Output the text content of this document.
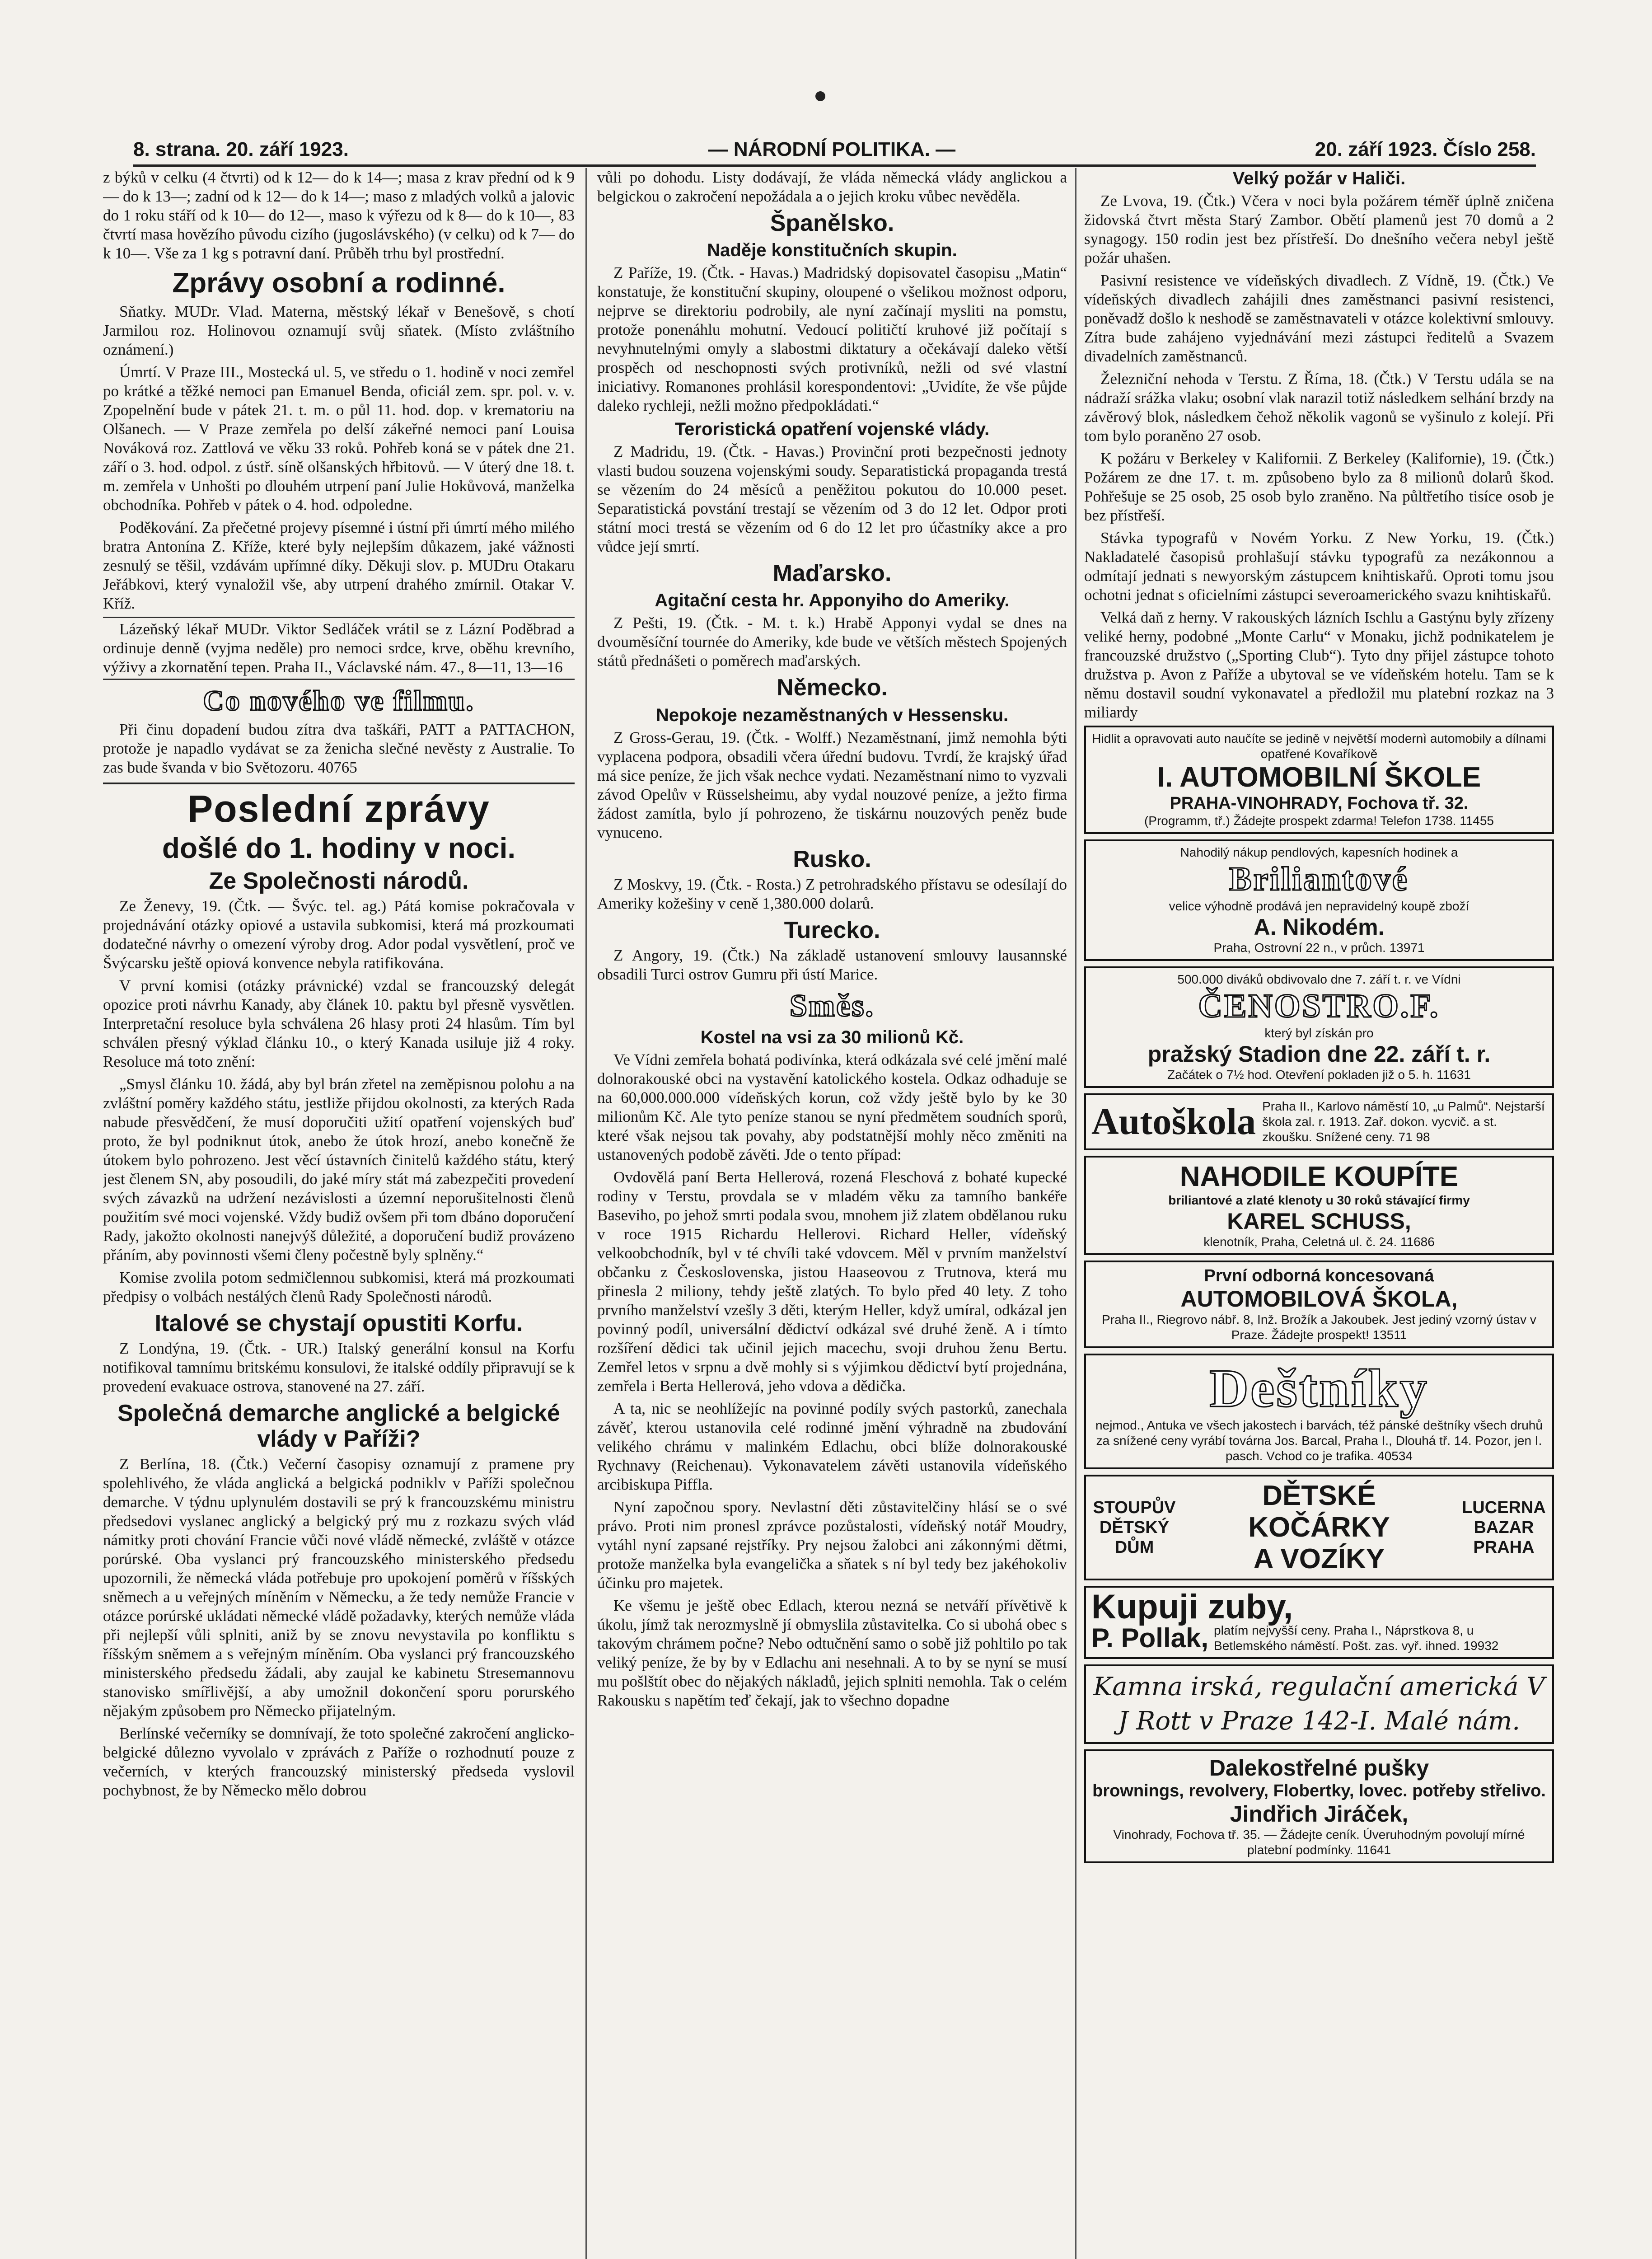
8. strana. 20. září 1923.	— NÁRODNÍ POLITIKA. —	20. září 1923. Číslo 258.

z býků v celku (4 čtvrti) od k 12— do k 14—; masa z krav přední od k 9— do k 13—; zadní od k 12— do k 14—; maso z mladých volků a jalovic do 1 roku stáří od k 10— do 12—, maso k výřezu od k 8— do k 10—, 83 čtvrtí masa hovězího původu cizího (jugoslávského) (v celku) od k 7— do k 10—. Vše za 1 kg s potravní daní. Průběh trhu byl prostřední.

Zprávy osobní a rodinné.

Sňatky. MUDr. Vlad. Materna, městský lékař v Benešově, s chotí Jarmilou roz. Holinovou oznamují svůj sňatek. (Místo zvláštního oznámení.)

Úmrtí. V Praze III., Mostecká ul. 5, ve středu o 1. hodině v noci zemřel po krátké a těžké nemoci pan Emanuel Benda, oficiál zem. spr. pol. v. v. Zpopelnění bude v pátek 21. t. m. o půl 11. hod. dop. v krematoriu na Olšanech. — V Praze zemřela po delší zákeřné nemoci paní Louisa Nováková roz. Zattlová ve věku 33 roků. Pohřeb koná se v pátek dne 21. září o 3. hod. odpol. z ústř. síně olšanských hřbitovů. — V úterý dne 18. t. m. zemřela v Unhošti po dlouhém utrpení paní Julie Hokůvová, manželka obchodníka. Pohřeb v pátek o 4. hod. odpoledne.

Poděkování. Za přečetné projevy písemné i ústní při úmrtí mého milého bratra Antonína Z. Kříže, které byly nejlepším důkazem, jaké vážnosti zesnulý se těšil, vzdávám upřímné díky. Děkuji slov. p. MUDru Otakaru Jeřábkovi, který vynaložil vše, aby utrpení drahého zmírnil. Otakar V. Kříž.

Lázeňský lékař MUDr. Viktor Sedláček vrátil se z Lázní Poděbrad a ordinuje denně (vyjma neděle) pro nemoci srdce, krve, oběhu krevního, výživy a zkornatění tepen. Praha II., Václavské nám. 47., 8—11, 13—16

Co nového ve filmu.

Při činu dopadení budou zítra dva taškáři, PATT a PATTACHON, protože je napadlo vydávat se za ženicha slečné nevěsty z Australie. To zas bude švanda v bio Světozoru. 40765

Poslední zprávy
došlé do 1. hodiny v noci.
Ze Společnosti národů.

Ze Ženevy, 19. (Čtk. — Švýc. tel. ag.) Pátá komise pokračovala v projednávání otázky opiové a ustavila subkomisi, která má prozkoumati dodatečné návrhy o omezení výroby drog. Ador podal vysvětlení, proč ve Švýcarsku ještě opiová konvence nebyla ratifikována.

V první komisi (otázky právnické) vzdal se francouzský delegát opozice proti návrhu Kanady, aby článek 10. paktu byl přesně vysvětlen. Interpretační resoluce byla schválena 26 hlasy proti 24 hlasům. Tím byl schválen přesný výklad článku 10., o který Kanada usiluje již 4 roky. Resoluce má toto znění:

„Smysl článku 10. žádá, aby byl brán zřetel na zeměpisnou polohu a na zvláštní poměry každého státu, jestliže přijdou okolnosti, za kterých Rada nabude přesvědčení, že musí doporučiti užití opatření vojenských buď proto, že byl podniknut útok, anebo že útok hrozí, anebo konečně že útokem bylo pohrozeno. Jest věcí ústavních činitelů každého státu, který jest členem SN, aby posoudili, do jaké míry stát má zabezpečiti provedení svých závazků na udržení nezávislosti a územní neporušitelnosti členů použitím své moci vojenské. Vždy budiž ovšem při tom dbáno doporučení Rady, jakožto okolnosti nanejvýš důležité, a doporučení budiž provázeno přáním, aby povinnosti všemi členy počestně byly splněny.“

Komise zvolila potom sedmičlennou subkomisi, která má prozkoumati předpisy o volbách nestálých členů Rady Společnosti národů.

Italové se chystají opustiti Korfu.

Z Londýna, 19. (Čtk. - UR.) Italský generální konsul na Korfu notifikoval tamnímu britskému konsulovi, že italské oddíly připravují se k provedení evakuace ostrova, stanovené na 27. září.

Společná demarche anglické a belgické vlády v Paříži?

Z Berlína, 18. (Čtk.) Večerní časopisy oznamují z pramene pry spolehlivého, že vláda anglická a belgická podniklv v Paříži společnou demarche. V týdnu uplynulém dostavili se prý k francouzskému ministru předsedovi vyslanec anglický a belgický prý mu z rozkazu svých vlád námitky proti chování Francie vůči nové vládě německé, zvláště v otázce porúrské. Oba vyslanci prý francouzského ministerského předsedu upozornili, že německá vláda potřebuje pro upokojení poměrů v říšských sněmech a u veřejných míněním v Německu, a že tedy nemůže Francie v otázce porúrské ukládati německé vládě požadavky, kterých nemůže vláda při nejlepší vůli splniti, aniž by se znovu nevystavila po konfliktu s říšským sněmem a s veřejným míněním. Oba vyslanci prý francouzského ministerského předsedu žádali, aby zaujal ke kabinetu Stresemannovu stanovisko smířlivější, a aby umožnil dokončení sporu porurského nějakým způsobem pro Německo přijatelným.

Berlínské večerníky se domnívají, že toto společné zakročení anglicko-belgické důlezno vyvolalo v zprávách z Paříže o rozhodnutí pouze z večerních, v kterých francouzský ministerský předseda vyslovil pochybnost, že by Německo mělo dobrou

vůli po dohodu. Listy dodávají, že vláda německá vlády anglickou a belgickou o zakročení nepožádala a o jejich kroku vůbec nevěděla.

Španělsko.
Naděje konstitučních skupin.

Z Paříže, 19. (Čtk. - Havas.) Madridský dopisovatel časopisu „Matin“ konstatuje, že konstituční skupiny, oloupené o všelikou možnost odporu, nejprve se direktoriu podrobily, ale nyní začínají mysliti na pomstu, protože ponenáhlu mohutní. Vedoucí političtí kruhové již počítají s nevyhnutelnými omyly a slabostmi diktatury a očekávají daleko větší prospěch od neschopnosti svých protivníků, nežli od své vlastní iniciativy. Romanones prohlásil korespondentovi: „Uvidíte, že vše půjde daleko rychleji, nežli možno předpokládati.“

Teroristická opatření vojenské vlády.

Z Madridu, 19. (Čtk. - Havas.) Provinční proti bezpečnosti jednoty vlasti budou souzena vojenskými soudy. Separatistická propaganda trestá se vězením do 24 měsíců a peněžitou pokutou do 10.000 peset. Separatistická povstání trestají se vězením od 3 do 12 let. Odpor proti státní moci trestá se vězením od 6 do 12 let pro účastníky akce a pro vůdce její smrtí.

Maďarsko.
Agitační cesta hr. Apponyiho do Ameriky.

Z Pešti, 19. (Čtk. - M. t. k.) Hrabě Apponyi vydal se dnes na dvouměsíční tournée do Ameriky, kde bude ve větších městech Spojených států přednášeti o poměrech maďarských.

Německo.
Nepokoje nezaměstnaných v Hessensku.

Z Gross-Gerau, 19. (Čtk. - Wolff.) Nezaměstnaní, jimž nemohla býti vyplacena podpora, obsadili včera úřední budovu. Tvrdí, že krajský úřad má sice peníze, že jich však nechce vydati. Nezaměstnaní nimo to vyzvali závod Opelův v Rüsselsheimu, aby vydal nouzové peníze, a ježto firma žádost zamítla, bylo jí pohrozeno, že tiskárnu nouzových peněz bude vynuceno.

Rusko.

Z Moskvy, 19. (Čtk. - Rosta.) Z petrohradského přístavu se odesílají do Ameriky kožešiny v ceně 1,380.000 dolarů.

Turecko.

Z Angory, 19. (Čtk.) Na základě ustanovení smlouvy lausannské obsadili Turci ostrov Gumru při ústí Marice.

Směs.
Kostel na vsi za 30 milionů Kč.

Ve Vídni zemřela bohatá podivínka, která odkázala své celé jmění malé dolnorakouské obci na vystavění katolického kostela. Odkaz odhaduje se na 60,000.000.000 vídeňských korun, což vždy ještě bylo by ke 30 milionům Kč. Ale tyto peníze stanou se nyní předmětem soudních sporů, které však nejsou tak povahy, aby podstatnější mohly něco změniti na ustanovených podobě závěti. Jde o tento případ:

Ovdovělá paní Berta Hellerová, rozená Fleschová z bohaté kupecké rodiny v Terstu, provdala se v mladém věku za tamního bankéře Baseviho, po jehož smrti podala svou, mnohem již zlatem obdělanou ruku v roce 1915 Richardu Hellerovi. Richard Heller, vídeňský velkoobchodník, byl v té chvíli také vdovcem. Měl v prvním manželství občanku z Československa, jistou Haaseovou z Trutnova, která mu přinesla 2 miliony, tehdy ještě zlatých. To bylo před 40 lety. Z toho prvního manželství vzešly 3 děti, kterým Heller, když umíral, odkázal jen povinný podíl, universální dědictví odkázal své druhé ženě. A i tímto rozšíření dědici tak učinil jejich macechu, svoji druhou ženu Bertu. Zemřel letos v srpnu a dvě mohly si s výjimkou dědictví bytí projednána, zemřela i Berta Hellerová, jeho vdova a dědička.

A ta, nic se neohlížejíc na povinné podíly svých pastorků, zanechala závěť, kterou ustanovila celé rodinné jmění výhradně na zbudování velikého chrámu v malinkém Edlachu, obci blíže dolnorakouské Rychnavy (Reichenau). Vykonavatelem závěti ustanovila vídeňského arcibiskupa Piffla.

Nyní započnou spory. Nevlastní děti zůstavitelčiny hlásí se o své právo. Proti nim pronesl zprávce pozůstalosti, vídeňský notář Moudry, vytáhl nyní zapsané rejstříky. Pry nejsou žalobci ani zákonnými dětmi, protože manželka byla evangelička a sňatek s ní byl tedy bez jakéhokoliv účinku pro majetek.

Ke všemu je ještě obec Edlach, kterou nezná se netváří přívětivě k úkolu, jímž tak nerozmyslně jí obmyslila zůstavitelka. Co si ubohá obec s takovým chrámem počne? Nebo odtučnění samo o sobě již pohltilo po tak veliký peníze, že by by v Edlachu ani nesehnali. A to by se nyní se musí mu pošlštít obec do nějakých nákladů, jejich splniti nemohla. Tak o celém Rakousku s napětím teď čekají, jak to všechno dopadne

Velký požár v Haliči.

Ze Lvova, 19. (Čtk.) Včera v noci byla požárem téměř úplně zničena židovská čtvrt města Starý Zambor. Obětí plamenů jest 70 domů a 2 synagogy. 150 rodin jest bez přístřeší. Do dnešního večera nebyl ještě požár uhašen.

Pasivní resistence ve vídeňských divadlech. Z Vídně, 19. (Čtk.) Ve vídeňských divadlech zahájili dnes zaměstnanci pasivní resistenci, poněvadž došlo k neshodě se zaměstnavateli v otázce kolektivní smlouvy. Zítra bude zahájeno vyjednávání mezi zástupci ředitelů a Svazem divadelních zaměstnanců.

Železniční nehoda v Terstu. Z Říma, 18. (Čtk.) V Terstu udála se na nádraží srážka vlaku; osobní vlak narazil totiž následkem selhání brzdy na závěrový blok, následkem čehož několik vagonů se vyšinulo z kolejí. Při tom bylo poraněno 27 osob.

K požáru v Berkeley v Kalifornii. Z Berkeley (Kalifornie), 19. (Čtk.) Požárem ze dne 17. t. m. způsobeno bylo za 8 milionů dolarů škod. Pohřešuje se 25 osob, 25 osob bylo zraněno. Na půltřetího tisíce osob je bez přístřeší.

Stávka typografů v Novém Yorku. Z New Yorku, 19. (Čtk.) Nakladatelé časopisů prohlašují stávku typografů za nezákonnou a odmítají jednati s newyorským zástupcem knihtiskařů. Oproti tomu jsou ochotni jednat s oficielními zástupci severoamerického svazu knihtiskařů.

Velká daň z herny. V rakouských lázních Ischlu a Gastýnu byly zřízeny veliké herny, podobné „Monte Carlu“ v Monaku, jichž podnikatelem je francouzské družstvo („Sporting Club“). Tyto dny přijel zástupce tohoto družstva p. Avon z Paříže a ubytoval se ve vídeňském hotelu. Tam se k němu dostavil soudní vykonavatel a předložil mu platební rozkaz na 3 miliardy

Hidlit a opravovati auto naučíte se jedině v největší modernì automobily a dílnami opatřené Kovaříkově
I. AUTOMOBILNÍ ŠKOLE
PRAHA-VINOHRADY, Fochova tř. 32.
(Programm, tř.) Žádejte prospekt zdarma! Telefon 1738. 11455
Nahodilý nákup pendlových, kapesních hodinek a
Briliantové
velice výhodně prodává jen nepravidelný koupě zboží
A. Nikodém.
Praha, Ostrovní 22 n., v průch. 13971
500.000 diváků obdivovalo dne 7. září t. r. ve Vídni
ČENOSTRO.F.
který byl získán pro
pražský Stadion dne 22. září t. r.
Začátek o 7½ hod. Otevření pokladen již o 5. h. 11631
Autoškola Praha II., Karlovo náměstí 10, „u Palmů“. Nejstarší škola zal. r. 1913. Zař. dokon. vycvič. a st. zkoušku. Snížené ceny. 71 98
NAHODILE KOUPÍTE
briliantové a zlaté klenoty u 30 roků stávající firmy
KAREL SCHUSS,
klenotník, Praha, Celetná ul. č. 24. 11686
První odborná koncesovaná
AUTOMOBILOVÁ ŠKOLA,
Praha II., Riegrovo nábř. 8, Inž. Brožík a Jakoubek. Jest jediný vzorný ústav v Praze. Žádejte prospekt! 13511
Deštníky
nejmod., Antuka ve všech jakostech i barvách, též pánské deštníky všech druhů za snížené ceny vyrábí továrna Jos. Barcal, Praha I., Dlouhá tř. 14. Pozor, jen I. pasch. Vchod co je trafika. 40534
STOUPŮV DĚTSKÝ DŮM
DĚTSKÉ
KOČÁRKY
A VOZÍKY
LUCERNA BAZAR PRAHA
Kupuji zuby,
P. Pollak, platím nejvyšší ceny. Praha I., Náprstkova 8, u Betlemského náměstí. Pošt. zas. vyř. ihned. 19932
Kamna irská, regulační americká V J Rott v Praze 142-I. Malé nám.
Dalekostřelné pušky
brownings, revolvery, Flobertky, lovec. potřeby střelivo.
Jindřich Jiráček,
Vinohrady, Fochova tř. 35. — Žádejte ceník. Úveruhodným povolují mírné platební podmínky. 11641
